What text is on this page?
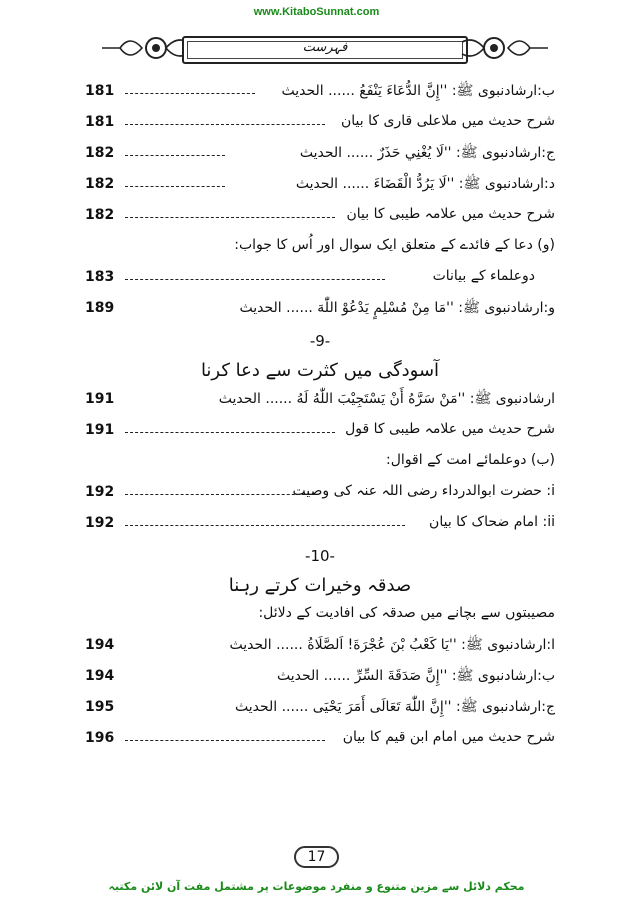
www.KitaboSunnat.com
فہرست
ب:ارشادنبوی ﷺ: ''إِنَّ الدُّعَاءَ يَنْفَعُ ...... الحديث
181
شرح حدیث میں ملاعلی قاری کا بیان
181
ج:ارشادنبوی ﷺ: ''لَا يُغْنِي حَذَرٌ ...... الحديث
182
د:ارشادنبوی ﷺ: ''لَا يَرُدُّ الْقَضَاءَ ...... الحديث
182
شرح حدیث میں علامہ طیبی کا بیان
182
(و) دعا کے فائدے کے متعلق ایک سوال اور اُس کا جواب:
دوعلماء کے بیانات
183
و:ارشادنبوی ﷺ: ''مَا مِنْ مُسْلِمٍ يَدْعُوْ اللّٰهَ ...... الحديث
189
-9-
آسودگی میں کثرت سے دعا کرنا
ارشادنبوی ﷺ: ''مَنْ سَرَّهُ أَنْ يَسْتَجِيْبَ اللّٰهُ لَهُ ...... الحديث
191
شرح حدیث میں علامہ طیبی کا قول
191
(ب) دوعلمائے امت کے اقوال:
i: حضرت ابوالدرداء رضی اللہ عنہ کی وصیت
192
ii: امام ضحاک کا بیان
192
-10-
صدقہ وخیرات کرتے رہنا
مصیبتوں سے بچانے میں صدقہ کی افادیت کے دلائل:
ا:ارشادنبوی ﷺ: ''يَا كَعْبُ بْنَ عُجْرَةَ! اَلصَّلَاةُ ...... الحديث
194
ب:ارشادنبوی ﷺ: ''إِنَّ صَدَقَةَ السِّرِّ ...... الحديث
194
ج:ارشادنبوی ﷺ: ''إِنَّ اللّٰهَ تَعَالَى أَمَرَ يَحْيَى ...... الحديث
195
شرح حدیث میں امام ابن قیم کا بیان
196
17
محکم دلائل سے مزین متنوع و منفرد موضوعات پر مشتمل مفت آن لائن مکتبہ
